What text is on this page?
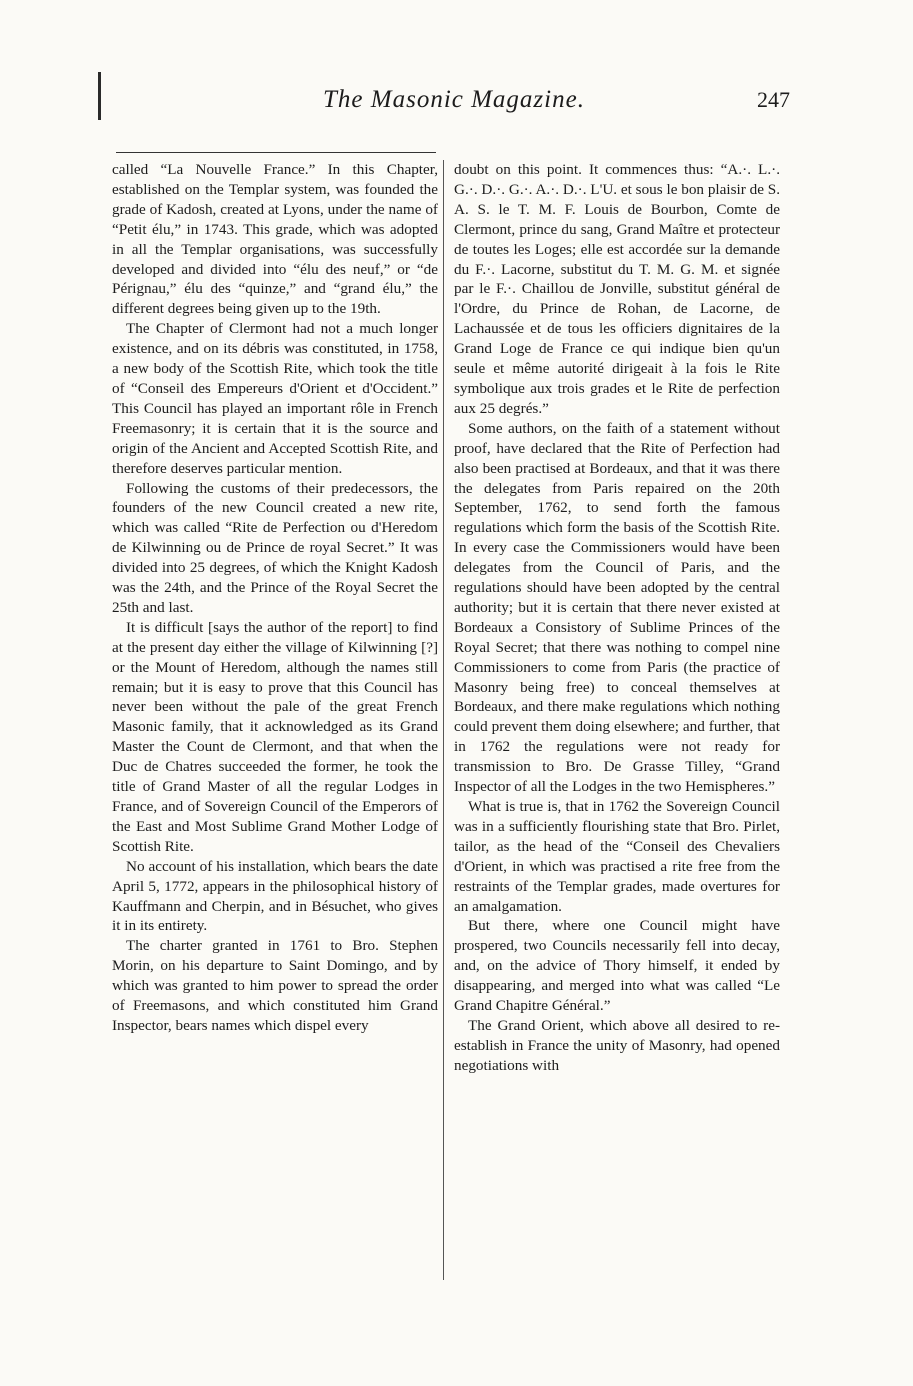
The Masonic Magazine.	247

called “La Nouvelle France.” In this Chapter, established on the Templar system, was founded the grade of Kadosh, created at Lyons, under the name of “Petit élu,” in 1743. This grade, which was adopted in all the Templar organisations, was successfully developed and divided into “élu des neuf,” or “de Pérignau,” élu des “quinze,” and “grand élu,” the different degrees being given up to the 19th.

The Chapter of Clermont had not a much longer existence, and on its débris was constituted, in 1758, a new body of the Scottish Rite, which took the title of “Conseil des Empereurs d'Orient et d'Occident.” This Council has played an important rôle in French Freemasonry; it is certain that it is the source and origin of the Ancient and Accepted Scottish Rite, and therefore deserves particular mention.

Following the customs of their predecessors, the founders of the new Council created a new rite, which was called “Rite de Perfection ou d'Heredom de Kilwinning ou de Prince de royal Secret.” It was divided into 25 degrees, of which the Knight Kadosh was the 24th, and the Prince of the Royal Secret the 25th and last.

It is difficult [says the author of the report] to find at the present day either the village of Kilwinning [?] or the Mount of Heredom, although the names still remain; but it is easy to prove that this Council has never been without the pale of the great French Masonic family, that it acknowledged as its Grand Master the Count de Clermont, and that when the Duc de Chatres succeeded the former, he took the title of Grand Master of all the regular Lodges in France, and of Sovereign Council of the Emperors of the East and Most Sublime Grand Mother Lodge of Scottish Rite.

No account of his installation, which bears the date April 5, 1772, appears in the philosophical history of Kauffmann and Cherpin, and in Bésuchet, who gives it in its entirety.

The charter granted in 1761 to Bro. Stephen Morin, on his departure to Saint Domingo, and by which was granted to him power to spread the order of Freemasons, and which constituted him Grand Inspector, bears names which dispel every

doubt on this point. It commences thus: “A.·. L.·. G.·. D.·. G.·. A.·. D.·. L'U. et sous le bon plaisir de S. A. S. le T. M. F. Louis de Bourbon, Comte de Clermont, prince du sang, Grand Maître et protecteur de toutes les Loges; elle est accordée sur la demande du F.·. Lacorne, substitut du T. M. G. M. et signée par le F.·. Chaillou de Jonville, substitut général de l'Ordre, du Prince de Rohan, de Lacorne, de Lachaussée et de tous les officiers dignitaires de la Grand Loge de France ce qui indique bien qu'un seule et même autorité dirigeait à la fois le Rite symbolique aux trois grades et le Rite de perfection aux 25 degrés.”

Some authors, on the faith of a statement without proof, have declared that the Rite of Perfection had also been practised at Bordeaux, and that it was there the delegates from Paris repaired on the 20th September, 1762, to send forth the famous regulations which form the basis of the Scottish Rite. In every case the Commissioners would have been delegates from the Council of Paris, and the regulations should have been adopted by the central authority; but it is certain that there never existed at Bordeaux a Consistory of Sublime Princes of the Royal Secret; that there was nothing to compel nine Commissioners to come from Paris (the practice of Masonry being free) to conceal themselves at Bordeaux, and there make regulations which nothing could prevent them doing elsewhere; and further, that in 1762 the regulations were not ready for transmission to Bro. De Grasse Tilley, “Grand Inspector of all the Lodges in the two Hemispheres.”

What is true is, that in 1762 the Sovereign Council was in a sufficiently flourishing state that Bro. Pirlet, tailor, as the head of the “Conseil des Chevaliers d'Orient, in which was practised a rite free from the restraints of the Templar grades, made overtures for an amalgamation.

But there, where one Council might have prospered, two Councils necessarily fell into decay, and, on the advice of Thory himself, it ended by disappearing, and merged into what was called “Le Grand Chapitre Général.”

The Grand Orient, which above all desired to re-establish in France the unity of Masonry, had opened negotiations with
